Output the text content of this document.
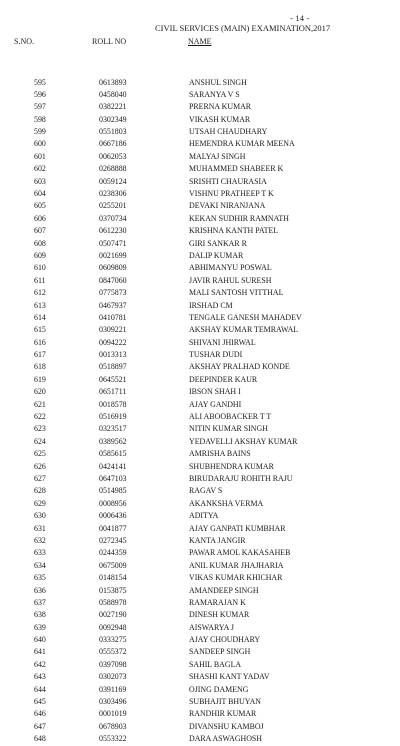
- 14 -
CIVIL SERVICES (MAIN) EXAMINATION,2017
S.NO.	ROLL NO	NAME
595	0613893	ANSHUL SINGH
596	0458040	SARANYA V S
597	0382221	PRERNA KUMAR
598	0302349	VIKASH KUMAR
599	0551803	UTSAH CHAUDHARY
600	0667186	HEMENDRA KUMAR MEENA
601	0062053	MALYAJ SINGH
602	0268888	MUHAMMED SHABEER K
603	0059124	SRISHTI CHAURASIA
604	0238306	VISHNU PRATHEEP T K
605	0255201	DEVAKI NIRANJANA
606	0370734	KEKAN SUDHIR RAMNATH
607	0612230	KRISHNA KANTH PATEL
608	0507471	GIRI SANKAR R
609	0021699	DALIP KUMAR
610	0609809	ABHIMANYU POSWAL
611	0847060	JAVIR RAHUL SURESH
612	0775873	MALI SANTOSH VITTHAL
613	0467937	IRSHAD CM
614	0410781	TENGALE GANESH MAHADEV
615	0309221	AKSHAY KUMAR TEMRAWAL
616	0094222	SHIVANI JHIRWAL
617	0013313	TUSHAR DUDI
618	0518897	AKSHAY PRALHAD KONDE
619	0645521	DEEPINDER KAUR
620	0651711	IBSON SHAH I
621	0018578	AJAY GANDHI
622	0516919	ALI ABOOBACKER T T
623	0323517	NITIN KUMAR SINGH
624	0389562	YEDAVELLI AKSHAY KUMAR
625	0585615	AMRISHA BAINS
626	0424141	SHUBHENDRA KUMAR
627	0647103	BIRUDARAJU ROHITH RAJU
628	0514985	RAGAV S
629	0008956	AKANKSHA VERMA
630	0006436	ADITYA
631	0041877	AJAY GANPATI KUMBHAR
632	0272345	KANTA JANGIR
633	0244359	PAWAR AMOL KAKASAHEB
634	0675009	ANIL KUMAR JHAJHARIA
635	0148154	VIKAS KUMAR KHICHAR
636	0153875	AMANDEEP SINGH
637	0588978	RAMARAJAN K
638	0027190	DINESH KUMAR
639	0092948	AISWARYA J
640	0333275	AJAY CHOUDHARY
641	0555372	SANDEEP SINGH
642	0397098	SAHIL BAGLA
643	0302073	SHASHI KANT YADAV
644	0391169	OJING DAMENG
645	0303496	SUBHAJIT BHUYAN
646	0001019	RANDHIR KUMAR
647	0678903	DIVANSHU KAMBOJ
648	0553322	DARA ASWAGHOSH
